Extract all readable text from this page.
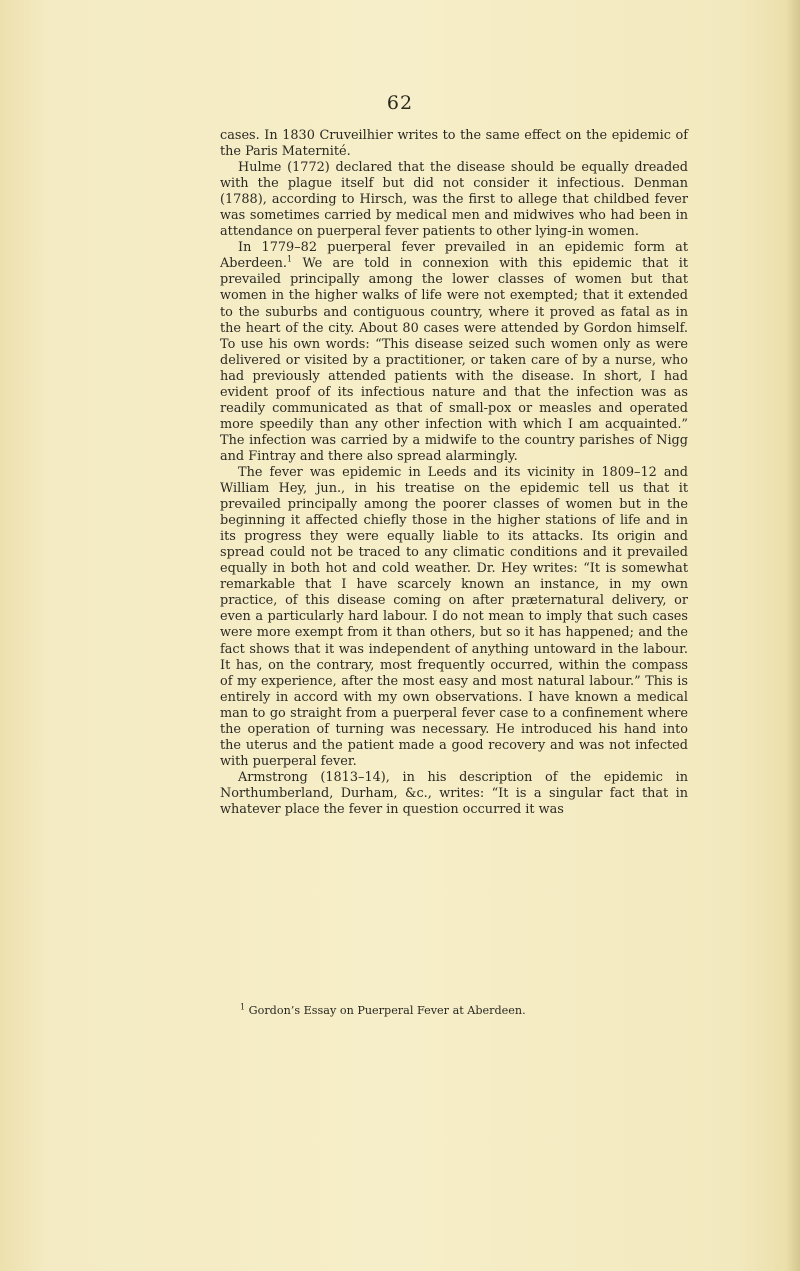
62

cases. In 1830 Cruveilhier writes to the same effect on the epidemic of the Paris Maternité.

Hulme (1772) declared that the disease should be equally dreaded with the plague itself but did not consider it infectious. Denman (1788), according to Hirsch, was the first to allege that childbed fever was sometimes carried by medical men and midwives who had been in attendance on puerperal fever patients to other lying-in women.

In 1779–82 puerperal fever prevailed in an epidemic form at Aberdeen.$^1$ We are told in connexion with this epidemic that it prevailed principally among the lower classes of women but that women in the higher walks of life were not exempted; that it extended to the suburbs and contiguous country, where it proved as fatal as in the heart of the city. About 80 cases were attended by Gordon himself. To use his own words: “This disease seized such women only as were delivered or visited by a practitioner, or taken care of by a nurse, who had previously attended patients with the disease. In short, I had evident proof of its infectious nature and that the infection was as readily communicated as that of small-pox or measles and operated more speedily than any other infection with which I am acquainted.” The infection was carried by a midwife to the country parishes of Nigg and Fintray and there also spread alarmingly.

The fever was epidemic in Leeds and its vicinity in 1809–12 and William Hey, jun., in his treatise on the epidemic tell us that it prevailed principally among the poorer classes of women but in the beginning it affected chiefly those in the higher stations of life and in its progress they were equally liable to its attacks. Its origin and spread could not be traced to any climatic conditions and it prevailed equally in both hot and cold weather. Dr. Hey writes: “It is somewhat remarkable that I have scarcely known an instance, in my own practice, of this disease coming on after præternatural delivery, or even a particularly hard labour. I do not mean to imply that such cases were more exempt from it than others, but so it has happened; and the fact shows that it was independent of anything untoward in the labour. It has, on the contrary, most frequently occurred, within the compass of my experience, after the most easy and most natural labour.” This is entirely in accord with my own observations. I have known a medical man to go straight from a puerperal fever case to a confinement where the operation of turning was necessary. He introduced his hand into the uterus and the patient made a good recovery and was not infected with puerperal fever.

Armstrong (1813–14), in his description of the epidemic in Northumberland, Durham, &c., writes: “It is a singular fact that in whatever place the fever in question occurred it was

$^1$ Gordon’s Essay on Puerperal Fever at Aberdeen.
